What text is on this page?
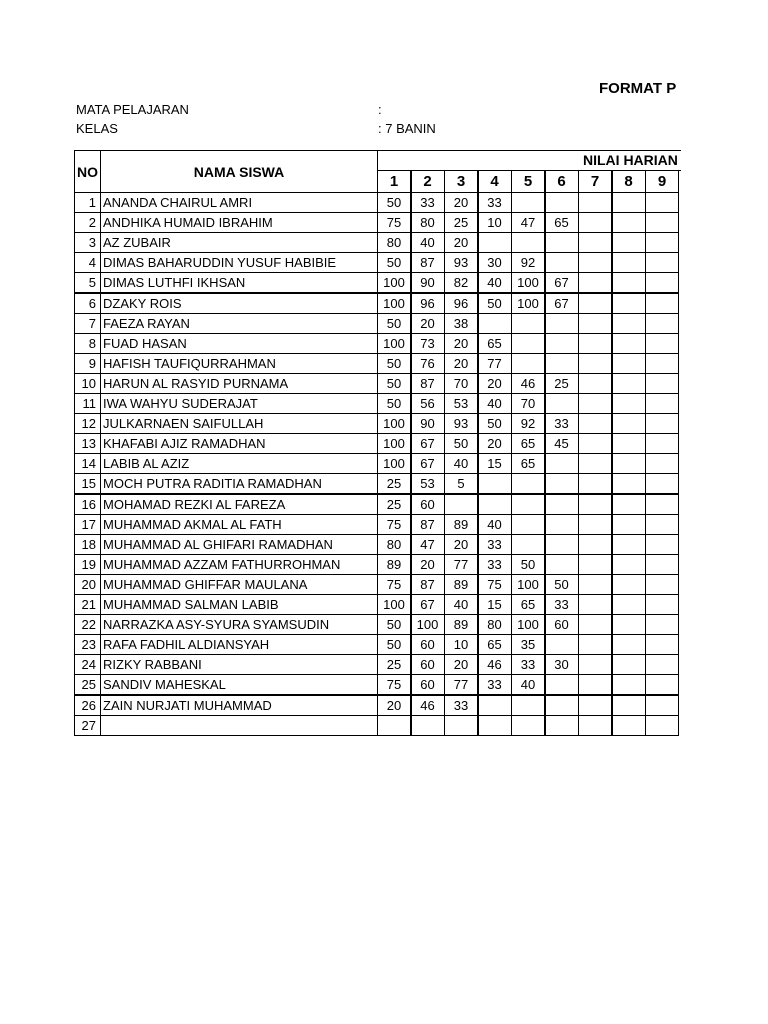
FORMAT P
MATA PELAJARAN	:
KELAS	: 7 BANIN
NO	NAMA SISWA
NILAI HARIAN
1	2	3	4	5	6	7	8	9
1 ANANDA CHAIRUL AMRI	50	33	20	33
2 ANDHIKA HUMAID IBRAHIM	75	80	25	10	47	65
3 AZ ZUBAIR	80	40	20
4 DIMAS BAHARUDDIN YUSUF HABIBIE	50	87	93	30	92
5 DIMAS LUTHFI IKHSAN	100	90	82	40	100	67
6 DZAKY ROIS	100	96	96	50	100	67
7 FAEZA RAYAN	50	20	38
8 FUAD HASAN	100	73	20	65
9 HAFISH TAUFIQURRAHMAN	50	76	20	77
10 HARUN AL RASYID PURNAMA	50	87	70	20	46	25
11 IWA WAHYU SUDERAJAT	50	56	53	40	70
12 JULKARNAEN SAIFULLAH	100	90	93	50	92	33
13 KHAFABI AJIZ RAMADHAN	100	67	50	20	65	45
14 LABIB AL AZIZ	100	67	40	15	65
15 MOCH PUTRA RADITIA RAMADHAN	25	53	5
16 MOHAMAD REZKI AL FAREZA	25	60
17 MUHAMMAD AKMAL AL FATH	75	87	89	40
18 MUHAMMAD AL GHIFARI RAMADHAN	80	47	20	33
19 MUHAMMAD AZZAM FATHURROHMAN	89	20	77	33	50
20 MUHAMMAD GHIFFAR MAULANA	75	87	89	75	100	50
21 MUHAMMAD SALMAN LABIB	100	67	40	15	65	33
22 NARRAZKA ASY-SYURA SYAMSUDIN	50	100	89	80	100	60
23 RAFA FADHIL ALDIANSYAH	50	60	10	65	35
24 RIZKY RABBANI	25	60	20	46	33	30
25 SANDIV MAHESKAL	75	60	77	33	40
26 ZAIN NURJATI MUHAMMAD	20	46	33
27
